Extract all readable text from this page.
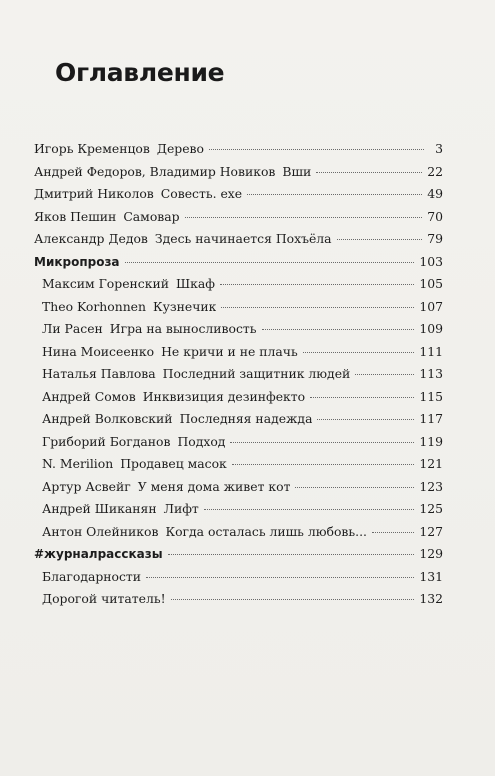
Оглавление
Игорь Кременцов Дерево	3
Андрей Федоров, Владимир Новиков Вши	22
Дмитрий Николов Совесть. exe	49
Яков Пешин Самовар	70
Александр Дедов Здесь начинается Похъёла	79
Микропроза	103
Максим Горенский Шкаф	105
Theo Korhonnen Кузнечик	107
Ли Расен Игра на выносливость	109
Нина Моисеенко Не кричи и не плачь	111
Наталья Павлова Последний защитник людей	113
Андрей Сомов Инквизиция дезинфекто	115
Андрей Волковский Последняя надежда	117
Гриборий Богданов Подход	119
N. Merilion Продавец масок	121
Артур Асвейг У меня дома живет кот	123
Андрей Шиканян Лифт	125
Антон Олейников Когда осталась лишь любовь...	127
#журналрассказы	129
Благодарности	131
Дорогой читатель!	132
